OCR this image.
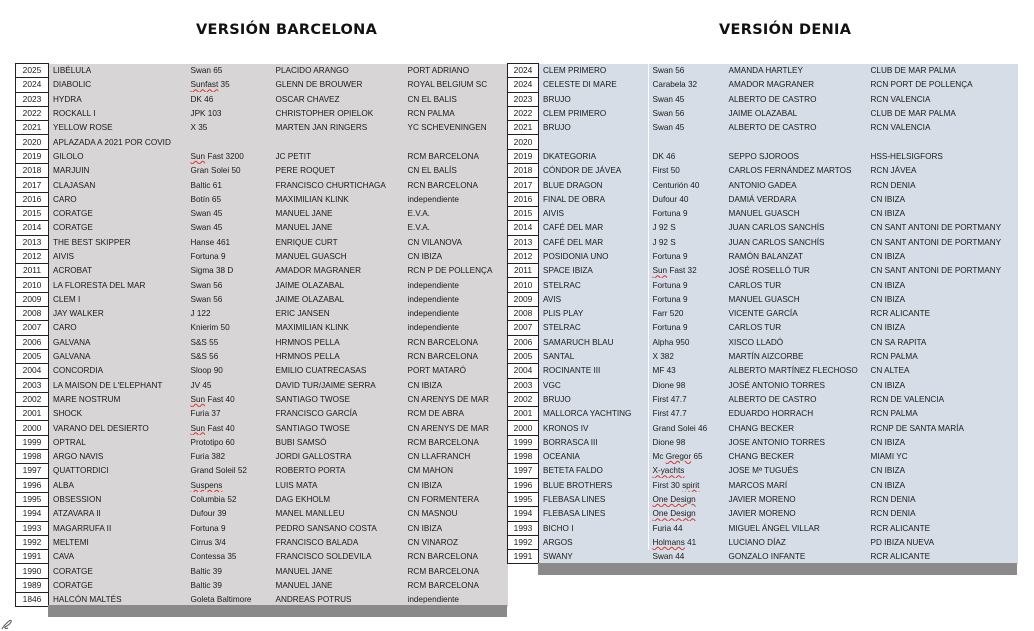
VERSIÓN BARCELONA	VERSIÓN DENIA
2025	LIBÉLULA	Swan 65	PLACIDO ARANGO	PORT ADRIANO
2024	DIABOLIC	Sunfast 35	GLENN DE BROUWER	ROYAL BELGIUM SC
2023	HYDRA	DK 46	OSCAR CHAVEZ	CN EL BALIS
2022	ROCKALL I	JPK 103	CHRISTOPHER OPIELOK	RCN PALMA
2021	YELLOW ROSE	X 35	MARTEN JAN RINGERS	YC SCHEVENINGEN
2020	APLAZADA A 2021 POR COVID			
2019	GILOLO	Sun Fast 3200	JC PETIT	RCM BARCELONA
2018	MARJUIN	Gran Solei 50	PERE ROQUET	CN EL BALÍS
2017	CLAJASAN	Baltic 61	FRANCISCO CHURTICHAGA	RCN BARCELONA
2016	CARO	Botín 65	MAXIMILIAN KLINK	independiente
2015	CORATGE	Swan 45	MANUEL JANE	E.V.A.
2014	CORATGE	Swan 45	MANUEL JANE	E.V.A.
2013	THE BEST SKIPPER	Hanse 461	ENRIQUE CURT	CN VILANOVA
2012	AIVIS	Fortuna 9	MANUEL GUASCH	CN IBIZA
2011	ACROBAT	Sigma 38 D	AMADOR MAGRANER	RCN P DE POLLENÇA
2010	LA FLORESTA DEL MAR	Swan 56	JAIME OLAZABAL	independiente
2009	CLEM I	Swan 56	JAIME OLAZABAL	independiente
2008	JAY WALKER	J 122	ERIC JANSEN	independiente
2007	CARO	Knierim 50	MAXIMILIAN KLINK	independiente
2006	GALVANA	S&S 55	HRMNOS PELLA	RCN BARCELONA
2005	GALVANA	S&S 56	HRMNOS PELLA	RCN BARCELONA
2004	CONCORDIA	Sloop 90	EMILIO CUATRECASAS	PORT MATARÓ
2003	LA MAISON DE L'ELEPHANT	JV 45	DAVID TUR/JAIME SERRA	CN IBIZA
2002	MARE NOSTRUM	Sun Fast 40	SANTIAGO TWOSE	CN ARENYS DE MAR
2001	SHOCK	Furia 37	FRANCISCO GARCÍA	RCM DE ABRA
2000	VARANO DEL DESIERTO	Sun Fast 40	SANTIAGO TWOSE	CN ARENYS DE MAR
1999	OPTRAL	Prototipo 60	BUBI SAMSÓ	RCM BARCELONA
1998	ARGO NAVIS	Furia 382	JORDI GALLOSTRA	CN LLAFRANCH
1997	QUATTORDICI	Grand Soleil 52	ROBERTO PORTA	CM MAHON
1996	ALBA	Suspens	LUIS MATA	CN IBIZA
1995	OBSESSION	Columbia 52	DAG EKHOLM	CN FORMENTERA
1994	ATZAVARA II	Dufour 39	MANEL MANLLEU	CN MASNOU
1993	MAGARRUFA II	Fortuna 9	PEDRO SANSANO COSTA	CN IBIZA
1992	MELTEMI	Cirrus 3/4	FRANCISCO BALADA	CN VINAROZ
1991	CAVA	Contessa 35	FRANCISCO SOLDEVILA	RCN BARCELONA
1990	CORATGE	Baltic 39	MANUEL JANE	RCM BARCELONA
1989	CORATGE	Baltic 39	MANUEL JANE	RCM BARCELONA
1846	HALCÓN MALTÉS	Goleta Baltimore	ANDREAS POTRUS	independiente
2024	CLEM PRIMERO	Swan 56	AMANDA HARTLEY	CLUB DE MAR PALMA
2024	CELESTE DI MARE	Carabela 32	AMADOR MAGRANER	RCN PORT DE POLLENÇA
2023	BRUJO	Swan 45	ALBERTO DE CASTRO	RCN VALENCIA
2022	CLEM PRIMERO	Swan 56	JAIME OLAZABAL	CLUB DE MAR PALMA
2021	BRUJO	Swan 45	ALBERTO DE CASTRO	RCN VALENCIA
2020				
2019	DKATEGORIA	DK 46	SEPPO SJOROOS	HSS-HELSIGFORS
2018	CÓNDOR DE JÁVEA	First 50	CARLOS FERNÁNDEZ MARTOS	RCN JÁVEA
2017	BLUE DRAGON	Centurión 40	ANTONIO GADEA	RCN DENIA
2016	FINAL DE OBRA	Dufour 40	DAMIÁ VERDARA	CN IBIZA
2015	AIVIS	Fortuna 9	MANUEL GUASCH	CN IBIZA
2014	CAFÉ DEL MAR	J 92 S	JUAN CARLOS SANCHÍS	CN SANT ANTONI DE PORTMANY
2013	CAFÉ DEL MAR	J 92 S	JUAN CARLOS SANCHÍS	CN SANT ANTONI DE PORTMANY
2012	POSIDONIA UNO	Fortuna 9	RAMÓN BALANZAT	CN IBIZA
2011	SPACE IBIZA	Sun Fast 32	JOSÉ ROSELLÓ TUR	CN SANT ANTONI DE PORTMANY
2010	STELRAC	Fortuna 9	CARLOS TUR	CN IBIZA
2009	AVIS	Fortuna 9	MANUEL GUASCH	CN IBIZA
2008	PLIS PLAY	Farr 520	VICENTE GARCÍA	RCR ALICANTE
2007	STELRAC	Fortuna 9	CARLOS TUR	CN IBIZA
2006	SAMARUCH BLAU	Alpha 950	XISCO LLADÓ	CN SA RAPITA
2005	SANTAL	X 382	MARTÍN AIZCORBE	RCN PALMA
2004	ROCINANTE III	MF 43	ALBERTO MARTÍNEZ FLECHOSO	CN ALTEA
2003	VGC	Dione 98	JOSÉ ANTONIO TORRES	CN IBIZA
2002	BRUJO	First 47.7	ALBERTO DE CASTRO	RCN DE VALENCIA
2001	MALLORCA YACHTING	First 47.7	EDUARDO HORRACH	RCN PALMA
2000	KRONOS IV	Grand Solei 46	CHANG BECKER	RCNP DE SANTA MARÍA
1999	BORRASCA III	Dione 98	JOSE ANTONIO TORRES	CN IBIZA
1998	OCEANIA	Mc Gregor 65	CHANG BECKER	MIAMI YC
1997	BETETA FALDO	X-yachts	JOSE Mª TUGUÉS	CN IBIZA
1996	BLUE BROTHERS	First 30 spirit	MARCOS MARÍ	CN IBIZA
1995	FLEBASA LINES	One Design	JAVIER MORENO	RCN DENIA
1994	FLEBASA LINES	One Design	JAVIER MORENO	RCN DENIA
1993	BICHO I	Furia 44	MIGUEL ÁNGEL VILLAR	RCR ALICANTE
1992	ARGOS	Holmans 41	LUCIANO DÍAZ	PD IBIZA NUEVA
1991	SWANY	Swan 44	GONZALO INFANTE	RCR ALICANTE
